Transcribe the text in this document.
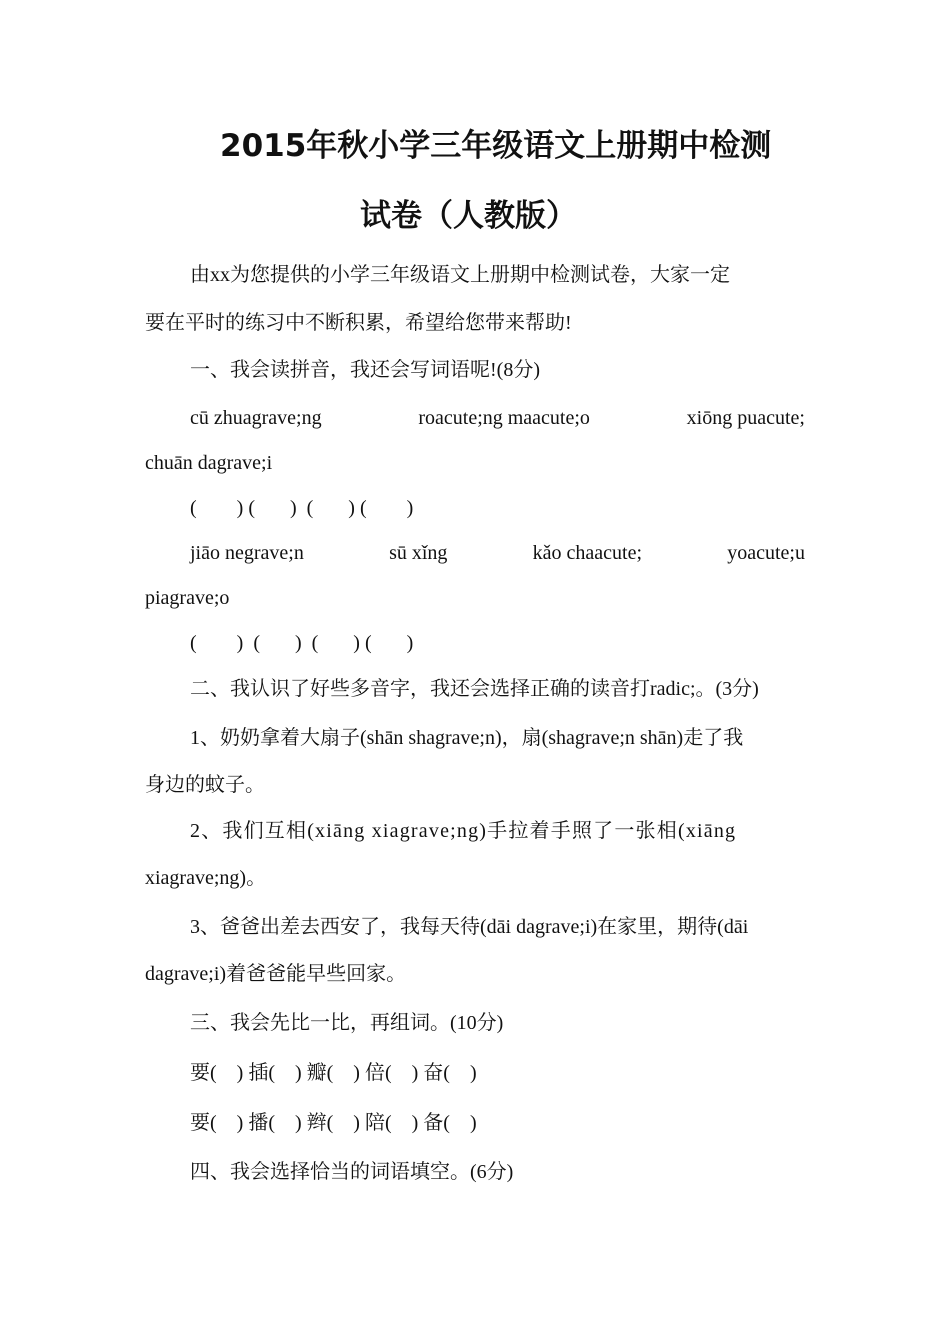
2015年秋小学三年级语文上册期中检测
试卷（人教版）
由xx为您提供的小学三年级语文上册期中检测试卷，大家一定
要在平时的练习中不断积累，希望给您带来帮助!
一、我会读拼音，我还会写词语呢!(8分)
cū zhuagrave;ng	roacute;ng maacute;o	xiōng puacute;
chuān dagrave;i
(        ) (       )  (       ) (        )
jiāo negrave;n	sū xǐng	kǎo chaacute;	yoacute;u
piagrave;o
(        )  (       )  (       ) (       )
二、我认识了好些多音字，我还会选择正确的读音打radic;。(3分)
1、奶奶拿着大扇子(shān shagrave;n)，扇(shagrave;n shān)走了我
身边的蚊子。
2、我们互相(xiāng xiagrave;ng)手拉着手照了一张相(xiāng
xiagrave;ng)。
3、爸爸出差去西安了，我每天待(dāi dagrave;i)在家里，期待(dāi
dagrave;i)着爸爸能早些回家。
三、我会先比一比，再组词。(10分)
要(    ) 插(    ) 瓣(    ) 倍(    ) 奋(    )
要(    ) 播(    ) 辫(    ) 陪(    ) 备(    )
四、我会选择恰当的词语填空。(6分)
